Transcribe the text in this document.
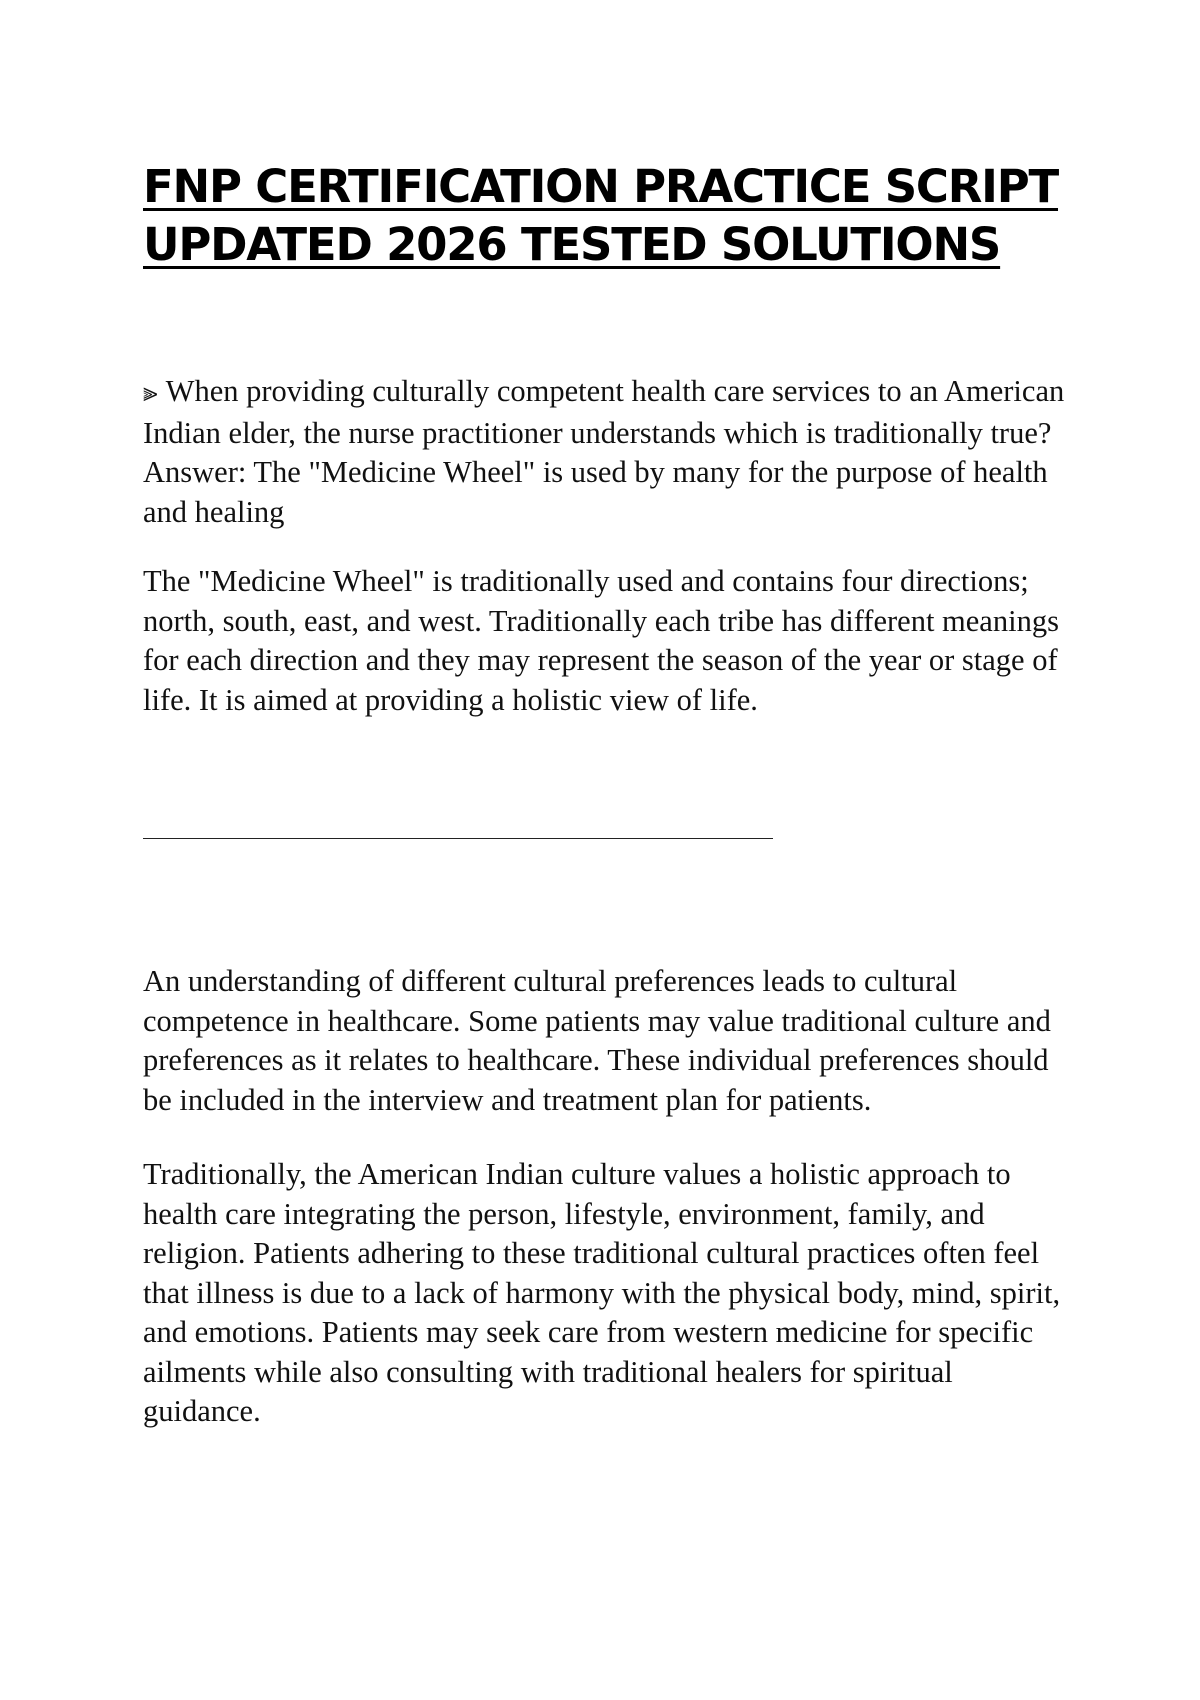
FNP CERTIFICATION PRACTICE SCRIPT
UPDATED 2026 TESTED SOLUTIONS

⫸ When providing culturally competent health care services to an American Indian elder, the nurse practitioner understands which is traditionally true? Answer: The "Medicine Wheel" is used by many for the purpose of health and healing

The "Medicine Wheel" is traditionally used and contains four directions; north, south, east, and west. Traditionally each tribe has different meanings for each direction and they may represent the season of the year or stage of life. It is aimed at providing a holistic view of life.

An understanding of different cultural preferences leads to cultural competence in healthcare. Some patients may value traditional culture and preferences as it relates to healthcare. These individual preferences should be included in the interview and treatment plan for patients.

Traditionally, the American Indian culture values a holistic approach to health care integrating the person, lifestyle, environment, family, and religion. Patients adhering to these traditional cultural practices often feel that illness is due to a lack of harmony with the physical body, mind, spirit, and emotions. Patients may seek care from western medicine for specific ailments while also consulting with traditional healers for spiritual guidance.
